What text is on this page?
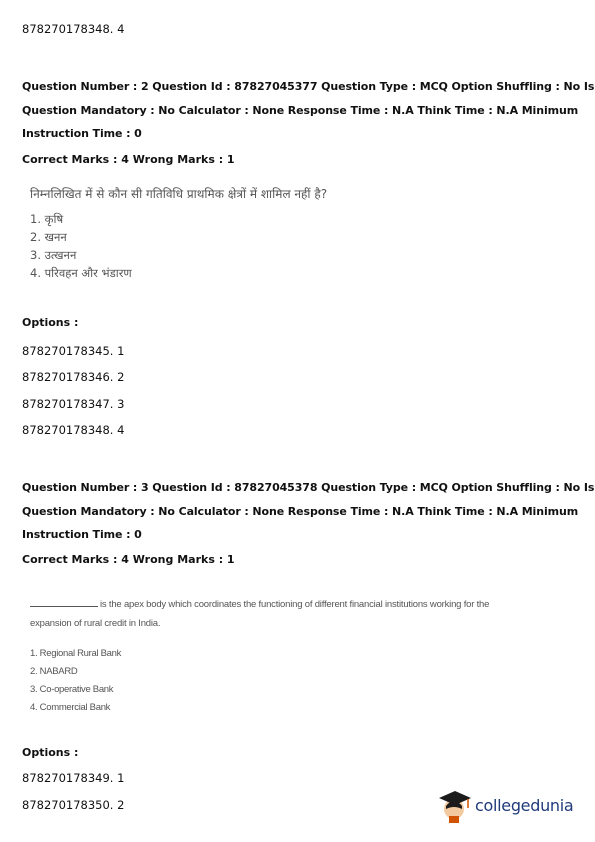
878270178348. 4

Question Number : 2 Question Id : 87827045377 Question Type : MCQ Option Shuffling : No Is

Question Mandatory : No Calculator : None Response Time : N.A Think Time : N.A Minimum

Instruction Time : 0

Correct Marks : 4 Wrong Marks : 1

निम्नलिखित में से कौन सी गतिविधि प्राथमिक क्षेत्रों में शामिल नहीं है?

1. कृषि
2. खनन
3. उत्खनन
4. परिवहन और भंडारण
Options :
878270178345. 1
878270178346. 2
878270178347. 3
878270178348. 4

Question Number : 3 Question Id : 87827045378 Question Type : MCQ Option Shuffling : No Is

Question Mandatory : No Calculator : None Response Time : N.A Think Time : N.A Minimum

Instruction Time : 0

Correct Marks : 4 Wrong Marks : 1
is the apex body which coordinates the functioning of different financial institutions working for the
expansion of rural credit in India.
1. Regional Rural Bank
2. NABARD
3. Co-operative Bank
4. Commercial Bank
Options :
878270178349. 1
878270178350. 2	collegedunia
